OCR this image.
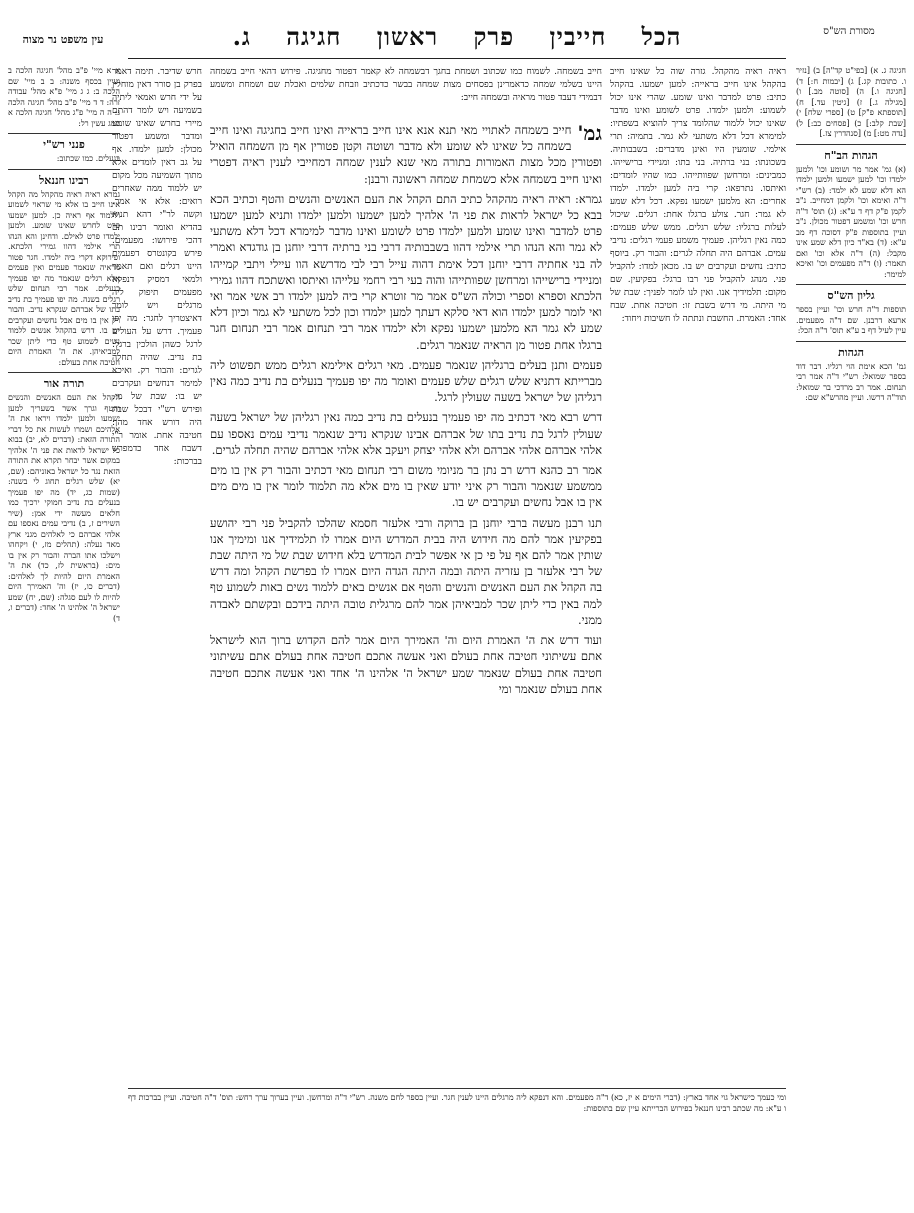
מסורת הש"ס
הכל חייבין פרק ראשון חגיגה ג.
עין משפט נר מצוה

חגיגה ג. א) [בפי"ט קד"ה] ב) [נזיר ו. כתובות קג.] ג) [יבמות ח:] ד) [חגיגה ו.] ה) [סוטה מב.] ו) [מגילה ג.] ז) [גיטין עד.] ח) [תוספתא פ"ק] ט) [ספרי שלח] י) [שבת קלב:] כ) [פסחים כב:] ל) [נדה מט:] מ) [סנהדרין צז.]

הגהות הב"ח

(א) גמ' אמר מר ושומע וכו' ולמען ילמדו וכו' למען ישמעו ולמען ילמדו הא דלא שמע לא ילמד: (ב) רש"י ד"ה ואימא וכו' ולקמן דמחייב. נ"ב לקמן פ"ק דף ד ע"א: (ג) תוס' ד"ה חרש וכו' ומשמע דפטור מכולן. נ"ב ועיין בתוספות פ"ק דסוכה דף מב ע"א: (ד) בא"ד כיון דלא שמע אינו מקבל: (ה) ד"ה אלא וכו' ואם תאמר: (ו) ד"ה מפעמים וכו' ואיכא למימר:

גליון הש"ס

תוספות ד"ה חרש וכו' ועיין בספר ארעא דרבנן. שם ד"ה מפעמים. עיין לעיל דף ב ע"א תוס' ד"ה הכל:

הגהות

גמ' הכא אימת הוי רגליו. דבר דוד בספר שמואל: רש"י ד"ה אמר רבי תנחום. אמר רב מרדכי בר שמואל: תוד"ה דרשו. ועיין מהרש"א שם:

ראיה ראיה מהקהל. גזרה שוה כל שאינו חייב בהקהל אינו חייב בראייה: למען ישמעו. בהקהל כתיב: פרט למדבר ואינו שומע. שהרי אינו יכול לשמוע: ולמען ילמדו. פרט לשומע ואינו מדבר שאינו יכול ללמוד שהלומד צריך להוציא בשפתיו: למימרא דכל דלא משתעי לא גמר. בתמיה: תרי אילמי. שומעין היו ואינן מדברים: בשבבותיה. בשכונתו: בני ברתיה. בני בתו: ומניידי ברישייהו. כמבינים: ומרחשן שפוותייהו. כמו שהיו לומדים: ואיתסו. נתרפאו: קרי ביה למען ילמדו. ילמדו אחרים: הא מלמען ישמעו נפקא. דכל דלא שמע לא גמר: חגר. צולע ברגלו אחת: רגלים. שיכול לעלות ברגליו: שלש רגלים. ממש שלש פעמים: כמה נאין רגליהן. פעמיך משמע פעמי רגלים: נדיבי עמים. אברהם היה תחלה לגרים: והבור רק. ביוסף כתיב: נחשים ועקרבים יש בו. מכאן למדו: להקביל פני. מנהג להקביל פני רבו ברגל: בפקיעין. שם מקום: תלמידיך אנו. ואין לנו לומר לפניך: שבת של מי היתה. מי דרש בשבת זו: חטיבה אחת. שבח אחד: האמרת. החשבת ונתתה לו חשיבות ויחוד:

חייב בשמחה. לשמוח כמו שכתוב ושמחת בחגך דבשמחה לא קאמר דפטור מחגיגה. פירוש דהאי חייב בשמחה היינו בשלמי שמחה כדאמרינן בפסחים מצות שמחה בבשר כדכתיב וזבחת שלמים ואכלת שם ושמחת ומשמע דבמידי דעבד פטור מראיה ובשמחה חייב:

גמ'

חייב בשמחה לאתויי מאי תנא אנא אינו חייב בראייה ואינו חייב בחגיגה ואינו חייב בשמחה כל שאינו לא שומע ולא מדבר ושוטה וקטן פטורין אף מן השמחה הואיל ופטורין מכל מצות האמורות בתורה מאי שנא לענין שמחה דמחייבי לענין ראיה דפטרי ואינו חייב בשמחה אלא כשמחת שמחה ראשונה ורבנן:

גמרא: ראיה ראיה מהקהל כתיב התם הקהל את העם האנשים והנשים והטף וכתיב הכא בבא כל ישראל לראות את פני ה' אלהיך למען ישמעו ולמען ילמדו ותניא למען ישמעו פרט למדבר ואינו שומע ולמען ילמדו פרט לשומע ואינו מדבר למימרא דכל דלא משתעי לא גמר והא הנהו תרי אילמי דהוו בשבבותיה דרבי בני ברתיה דרבי יוחנן בן גודגדא ואמרי לה בני אחתיה דרבי יוחנן דכל אימת דהוה עייל רבי לבי מדרשא הוו עיילי ויתבי קמייהו ומניידי ברישייהו ומרחשן שפוותייהו והוה בעי רבי רחמי עלייהו ואיתסו ואשתכח דהוו גמירי הלכתא וספרא וספרי וכולה הש"ס אמר מר זוטרא קרי ביה למען ילמדו רב אשי אמר ואי ואי לומר למען ילמדו הוא דאי סלקא דעתך למען ילמדו וכון לכל משתעי לא גמר וכיון דלא שמע לא גמר הא מלמען ישמעו נפקא ולא ילמדו אמר רבי תנחום אמר רבי תנחום חגר ברגלו אחת פטור מן הראיה שנאמר רגלים.

פעמים ותנן בעלים ברגליהן שנאמר פעמים. מאי רגלים אילימא רגלים ממש תפשוט ליה מברייתא דתניא שלש רגלים שלש פעמים ואומר מה יפו פעמיך בנעלים בת נדיב כמה נאין רגליהן של ישראל בשעה שעולין לרגל.

דרש רבא מאי דכתיב מה יפו פעמיך בנעלים בת נדיב כמה נאין רגליהן של ישראל בשעה שעולין לרגל בת נדיב בתו של אברהם אבינו שנקרא נדיב שנאמר נדיבי עמים נאספו עם אלהי אברהם אלהי אברהם ולא אלהי יצחק ויעקב אלא אלהי אברהם שהיה תחלה לגרים.

אמר רב כהנא דרש רב נתן בר מניומי משום רבי תנחום מאי דכתיב והבור רק אין בו מים ממשמע שנאמר והבור רק איני יודע שאין בו מים אלא מה תלמוד לומר אין בו מים מים אין בו אבל נחשים ועקרבים יש בו.

תנו רבנן מעשה ברבי יוחנן בן ברוקה ורבי אלעזר חסמא שהלכו להקביל פני רבי יהושע בפקיעין אמר להם מה חידוש היה בבית המדרש היום אמרו לו תלמידיך אנו ומימיך אנו שותין אמר להם אף על פי כן אי אפשר לבית המדרש בלא חידוש שבת של מי היתה שבת של רבי אלעזר בן עזריה היתה ובמה היתה הגדה היום אמרו לו בפרשת הקהל ומה דרש בה הקהל את העם האנשים והנשים והטף אם אנשים באים ללמוד נשים באות לשמוע טף למה באין כדי ליתן שכר למביאיהן אמר להם מרגלית טובה היתה בידכם ובקשתם לאבדה ממני.

ועוד דרש את ה' האמרת היום וה' האמירך היום אמר להם הקדוש ברוך הוא לישראל אתם עשיתוני חטיבה אחת בעולם ואני אעשה אתכם חטיבה אחת בעולם אתם עשיתוני חטיבה אחת בעולם שנאמר שמע ישראל ה' אלהינו ה' אחד ואני אעשה אתכם חטיבה אחת בעולם שנאמר ומי

חרש שדיבר. תימה דאמר בפרק בן סורר דאין מוחלין על ידי חרש ואמאי ליתיה בשמיעה ויש לומר דהתם מיירי בחרש שאינו שומע ומדבר ומשמע דפטור מכולן: למען ילמדו. אף על גב דאין לומדים אלא מתוך השמיעה מכל מקום יש ללמוד ממה שאחרים רואים: אלא אי אמר. וקשה לר"י דהא תניא בהדיא ואומר רבינו תם דהכי פירושו: מפעמים. פירש בקונטרס דפעמים היינו רגלים ואם תאמר ולמאי דמסיק דנפקא מפעמים תיפוק ליה מרגלים ויש לומר דאיצטריך לחגר: מה יפו פעמיך. דרש על העולים לרגל כשהן הולכין ברגל: בת נדיב. שהיה תחלה לגרים: והבור רק. ואיכא למימר דנחשים ועקרבים יש בו: שבת של מי. ופירש רש"י דבכל שבת היה דורש אחד מהן: חטיבה אחת. אומר ר"י דשבח אחד כדמפרש בברכות:

א א מיי' פ"ב מהל' חגיגה הלכה ב ועיין בכסף משנה: ב ב מיי' שם הלכה ב: ג ג מיי' פ"א מהל' עבודה זרה: ד ד מיי' פ"ב מהל' חגיגה הלכה ג: ה ה מיי' פ"ג מהל' חגיגה הלכה א סמג עשין רל:

פנני רש"י

בנעלים. כמו שכתוב:

רבינו חננאל

גמרא ראיה ראיה מהקהל מה הקהל אינו חייב בו אלא מי שראוי לשמוע וללמוד אף ראיה כן. למען ישמעו פרט לחרש שאינו שומע. ולמען ילמדו פרט לאילם. ודחינן והא הנהו תרי אילמי דהוו גמירי הלכתא. ופירוקא דקרי ביה ילמדו. חגר פטור מראיה שנאמר פעמים ואין פעמים אלא רגלים שנאמר מה יפו פעמיך בנעלים. אמר רבי תנחום שלש רגלים בשנה. מה יפו פעמיך בת נדיב בתו של אברהם שנקרא נדיב. והבור רק אין בו מים אבל נחשים ועקרבים יש בו. דרש בהקהל אנשים ללמוד נשים לשמוע טף כדי ליתן שכר למביאיהן. את ה' האמרת היום חטיבה אחת בעולם:

תורה אור

הקהל את העם האנשים והנשים והטף וגרך אשר בשעריך למען ישמעו ולמען ילמדו ויראו את ה' אלהיכם ושמרו לעשות את כל דברי התורה הזאת: (דברים לא, יב) בבוא כל ישראל לראות את פני ה' אלהיך במקום אשר יבחר תקרא את התורה הזאת נגד כל ישראל באזניהם: (שם, יא) שלש רגלים תחוג לי בשנה: (שמות כג, יד) מה יפו פעמיך בנעלים בת נדיב חמוקי ירכיך כמו חלאים מעשה ידי אמן: (שיר השירים ז, ב) נדיבי עמים נאספו עם אלהי אברהם כי לאלהים מגני ארץ מאד נעלה: (תהלים מז, י) ויקחהו וישלכו אתו הברה והבור רק אין בו מים: (בראשית לז, כד) את ה' האמרת היום להיות לך לאלהים: (דברים כו, יז) וה' האמירך היום להיות לו לעם סגלה: (שם, יח) שמע ישראל ה' אלהינו ה' אחד: (דברים ו, ד)

ומי כעמך כישראל גוי אחד בארץ: (דברי הימים א יז, כא) ד"ה מפעמים. והא דנפקא ליה מרגלים היינו לענין חגר. ועיין בספר לחם משנה. רש"י ד"ה ומרחשן. ועיין בערוך ערך רחש: תוס' ד"ה חטיבה. ועיין בברכות דף ו ע"א: מה שכתב רבינו חננאל בפירוש הברייתא עיין שם בתוספות:
